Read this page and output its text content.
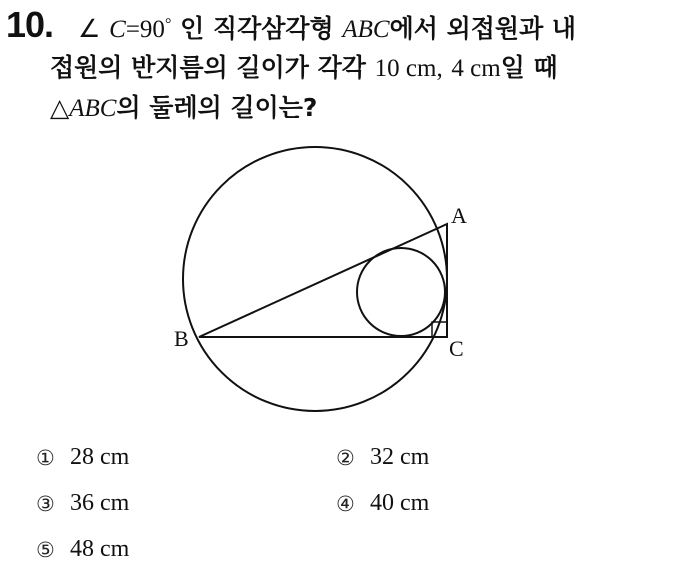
10. ∠ C=90° 인 직각삼각형 ABC에서 외접원과 내
접원의 반지름의 길이가 각각 10 cm, 4 cm일 때
△ABC의 둘레의 길이는?
A
B	C
① 28 cm	② 32 cm
③ 36 cm	④ 40 cm
⑤ 48 cm
